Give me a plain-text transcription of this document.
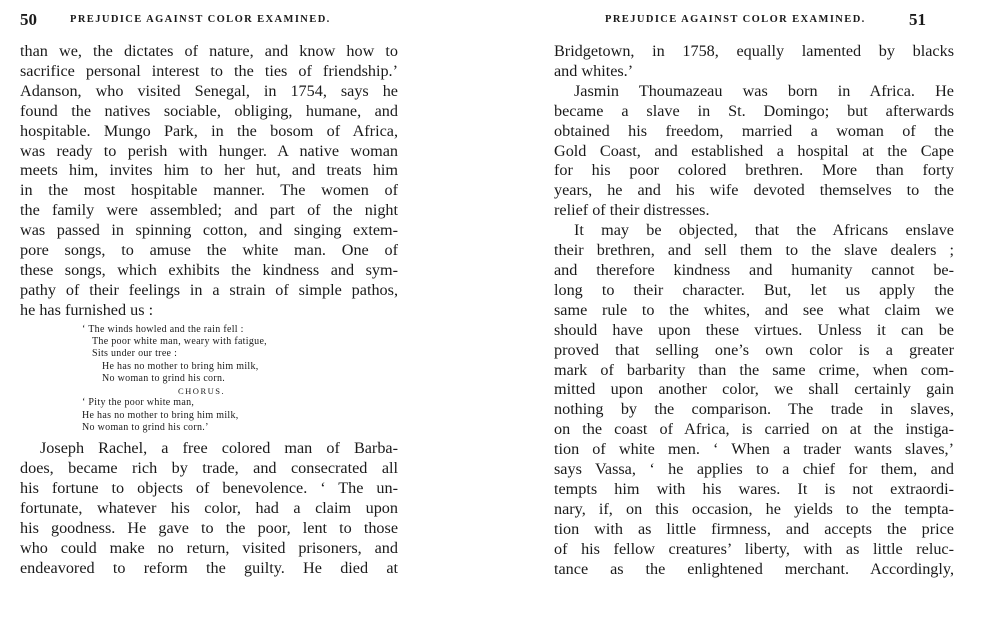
50	PREJUDICE AGAINST COLOR EXAMINED.
than we, the dictates of nature, and know how to
sacrifice personal interest to the ties of friendship.’
Adanson, who visited Senegal, in 1754, says he
found the natives sociable, obliging, humane, and
hospitable. Mungo Park, in the bosom of Africa,
was ready to perish with hunger. A native woman
meets him, invites him to her hut, and treats him
in the most hospitable manner. The women of
the family were assembled; and part of the night
was passed in spinning cotton, and singing extem-
pore songs, to amuse the white man. One of
these songs, which exhibits the kindness and sym-
pathy of their feelings in a strain of simple pathos,
he has furnished us :
‘ The winds howled and the rain fell :
The poor white man, weary with fatigue,
Sits under our tree :
He has no mother to bring him milk,
No woman to grind his corn.
CHORUS.
‘ Pity the poor white man,
He has no mother to bring him milk,
No woman to grind his corn.’
Joseph Rachel, a free colored man of Barba-
does, became rich by trade, and consecrated all
his fortune to objects of benevolence. ‘ The un-
fortunate, whatever his color, had a claim upon
his goodness. He gave to the poor, lent to those
who could make no return, visited prisoners, and
endeavored to reform the guilty. He died at
PREJUDICE AGAINST COLOR EXAMINED.	51
Bridgetown, in 1758, equally lamented by blacks
and whites.’
Jasmin Thoumazeau was born in Africa. He
became a slave in St. Domingo; but afterwards
obtained his freedom, married a woman of the
Gold Coast, and established a hospital at the Cape
for his poor colored brethren. More than forty
years, he and his wife devoted themselves to the
relief of their distresses.
It may be objected, that the Africans enslave
their brethren, and sell them to the slave dealers ;
and therefore kindness and humanity cannot be-
long to their character. But, let us apply the
same rule to the whites, and see what claim we
should have upon these virtues. Unless it can be
proved that selling one’s own color is a greater
mark of barbarity than the same crime, when com-
mitted upon another color, we shall certainly gain
nothing by the comparison. The trade in slaves,
on the coast of Africa, is carried on at the instiga-
tion of white men. ‘ When a trader wants slaves,’
says Vassa, ‘ he applies to a chief for them, and
tempts him with his wares. It is not extraordi-
nary, if, on this occasion, he yields to the tempta-
tion with as little firmness, and accepts the price
of his fellow creatures’ liberty, with as little reluc-
tance as the enlightened merchant. Accordingly,
